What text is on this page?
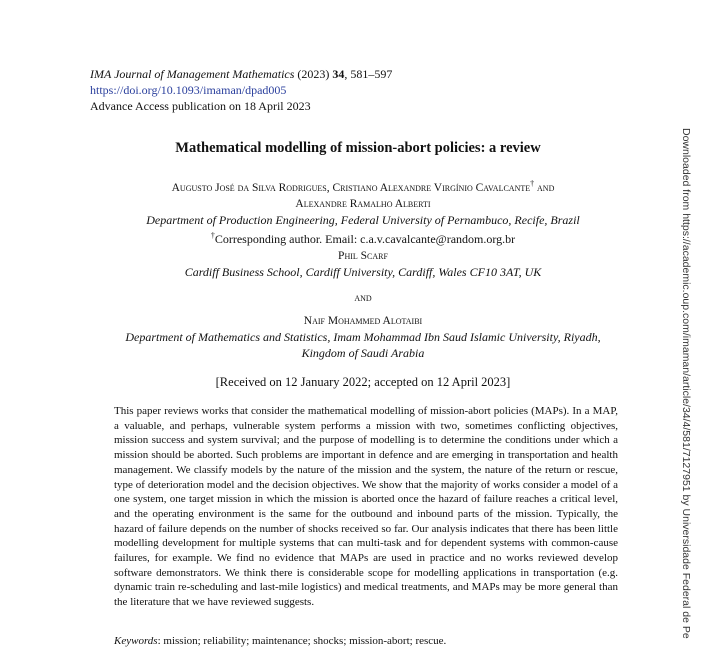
IMA Journal of Management Mathematics (2023) 34, 581–597
https://doi.org/10.1093/imaman/dpad005
Advance Access publication on 18 April 2023
Mathematical modelling of mission-abort policies: a review
Augusto José da Silva Rodrigues, Cristiano Alexandre Virgínio Cavalcante† and
Alexandre Ramalho Alberti
Department of Production Engineering, Federal University of Pernambuco, Recife, Brazil
†Corresponding author. Email: c.a.v.cavalcante@random.org.br
Phil Scarf
Cardiff Business School, Cardiff University, Cardiff, Wales CF10 3AT, UK
and
Naif Mohammed Alotaibi
Department of Mathematics and Statistics, Imam Mohammad Ibn Saud Islamic University, Riyadh,
Kingdom of Saudi Arabia
[Received on 12 January 2022; accepted on 12 April 2023]

This paper reviews works that consider the mathematical modelling of mission-abort policies (MAPs). In a MAP, a valuable, and perhaps, vulnerable system performs a mission with two, sometimes conflicting objectives, mission success and system survival; and the purpose of modelling is to determine the conditions under which a mission should be aborted. Such problems are important in defence and are emerging in transportation and health management. We classify models by the nature of the mission and the system, the nature of the return or rescue, type of deterioration model and the decision objectives. We show that the majority of works consider a model of a one system, one target mission in which the mission is aborted once the hazard of failure reaches a critical level, and the operating environment is the same for the outbound and inbound parts of the mission. Typically, the hazard of failure depends on the number of shocks received so far. Our analysis indicates that there has been little modelling development for multiple systems that can multi-task and for dependent systems with common-cause failures, for example. We find no evidence that MAPs are used in practice and no works reviewed develop software demonstrators. We think there is considerable scope for modelling applications in transportation (e.g. dynamic train re-scheduling and last-mile logistics) and medical treatments, and MAPs may be more general than the literature that we have reviewed suggests.

Keywords: mission; reliability; maintenance; shocks; mission-abort; rescue.
Downloaded from https://academic.oup.com/imaman/article/34/4/581/7127951 by Universidade Federal de Pe
